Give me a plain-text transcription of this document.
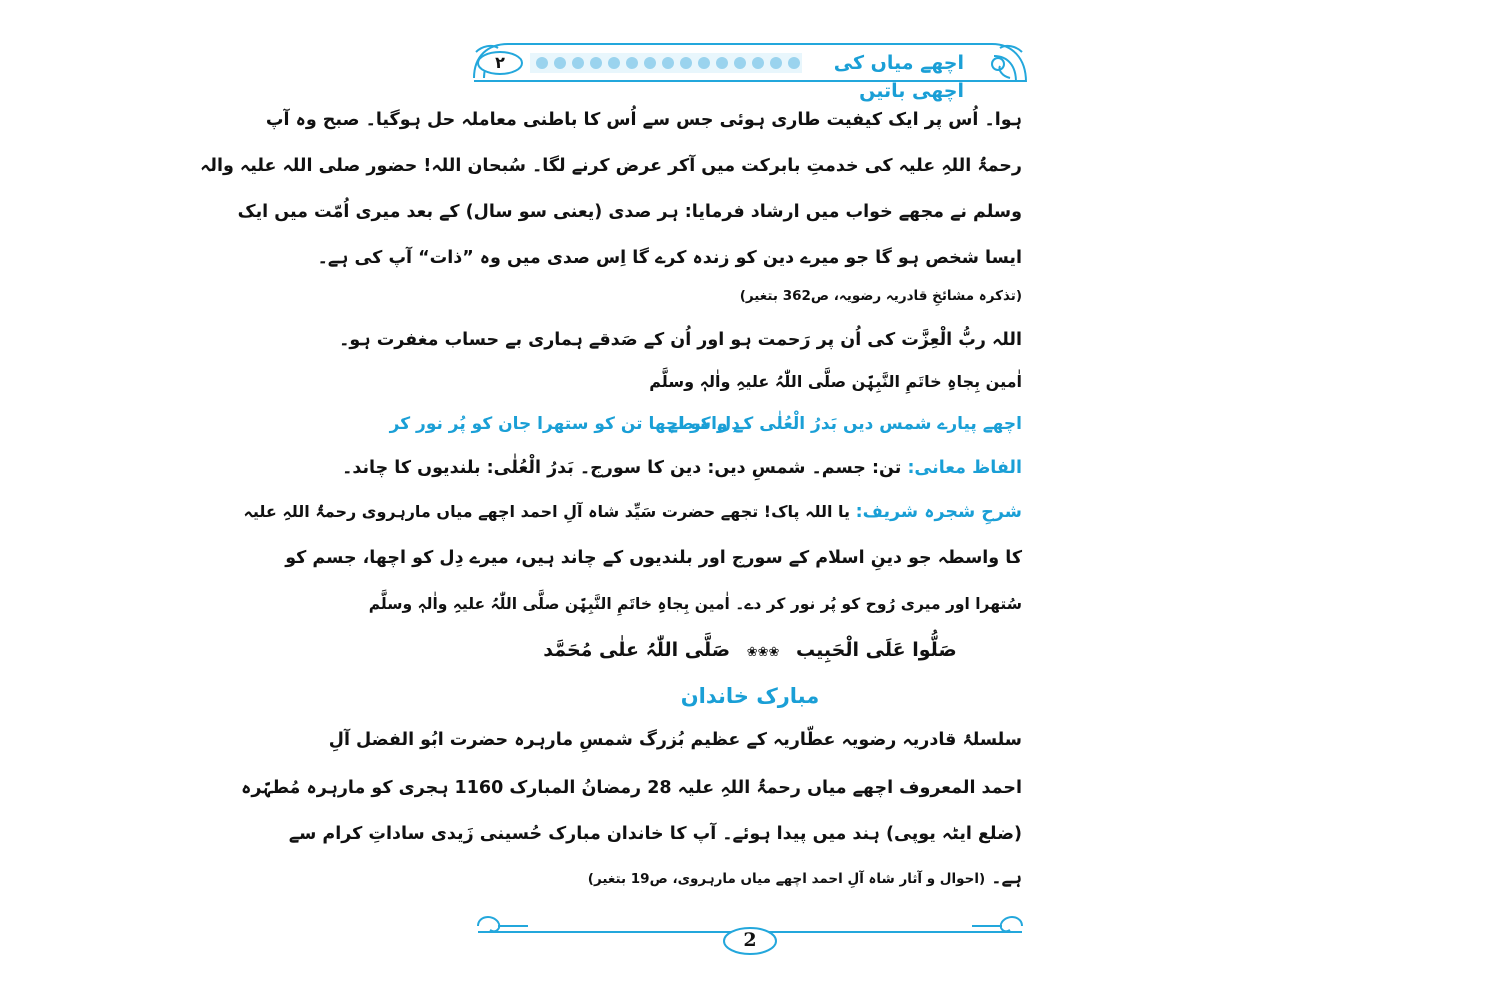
۲	اچھے میاں کی اچھی باتیں
ہوا۔ اُس پر ایک کیفیت طاری ہوئی جس سے اُس کا باطنی معاملہ حل ہوگیا۔ صبح وہ آپ
رحمۃُ اللہِ علیہ کی خدمتِ بابرکت میں آکر عرض کرنے لگا۔ سُبحان اللہ! حضور صلی اللہ علیہ والہ
وسلم نے مجھے خواب میں ارشاد فرمایا: ہر صدی (یعنی سو سال) کے بعد میری اُمّت میں ایک
ایسا شخص ہو گا جو میرے دین کو زندہ کرے گا اِس صدی میں وہ ”ذات“ آپ کی ہے۔
(تذکرہ مشائخِ قادریہ رضویہ، ص362 بتغیر)
اللہ ربُّ الْعِزَّت کی اُن پر رَحمت ہو اور اُن کے صَدقے ہماری بے حساب مغفرت ہو۔
اٰمین بِجاہِ خاتَمِ النَّبِیّٖن صلَّی اللّٰہُ علیہِ واٰلہٖ وسلَّم
اچھے پیارے شمس دیں بَدرُ الْعُلٰی کے واسطے
دِل کو اچھا تن کو ستھرا جان کو پُر نور کر
الفاظ معانی: تن: جسم۔ شمسِ دیں: دین کا سورج۔ بَدرُ الْعُلٰی: بلندیوں کا چاند۔
شرحِ شجرہ شریف: یا اللہ پاک! تجھے حضرت سَیِّد شاہ آلِ احمد اچھے میاں مارہروی رحمۃُ اللہِ علیہ
کا واسطہ جو دینِ اسلام کے سورج اور بلندیوں کے چاند ہیں، میرے دِل کو اچھا، جسم کو
سُتھرا اور میری رُوح کو پُر نور کر دے۔ اٰمین بِجاہِ خاتَمِ النَّبِیّٖن صلَّی اللّٰہُ علیہِ واٰلہٖ وسلَّم
صَلُّوا عَلَی الْحَبِیب ❀❀❀ صَلَّی اللّٰہُ علٰی مُحَمَّد
مبارک خاندان
سلسلۂ قادریہ رضویہ عطّاریہ کے عظیم بُزرگ شمسِ مارہرہ حضرت ابُو الفضل آلِ
احمد المعروف اچھے میاں رحمۃُ اللہِ علیہ 28 رمضانُ المبارک 1160 ہجری کو مارہرہ مُطہّرہ
(ضلع ایٹہ یوپی) ہند میں پیدا ہوئے۔ آپ کا خاندان مبارک حُسینی زَیدی ساداتِ کرام سے
ہے۔ (احوال و آثار شاہ آلِ احمد اچھے میاں مارہروی، ص19 بتغیر)
2
